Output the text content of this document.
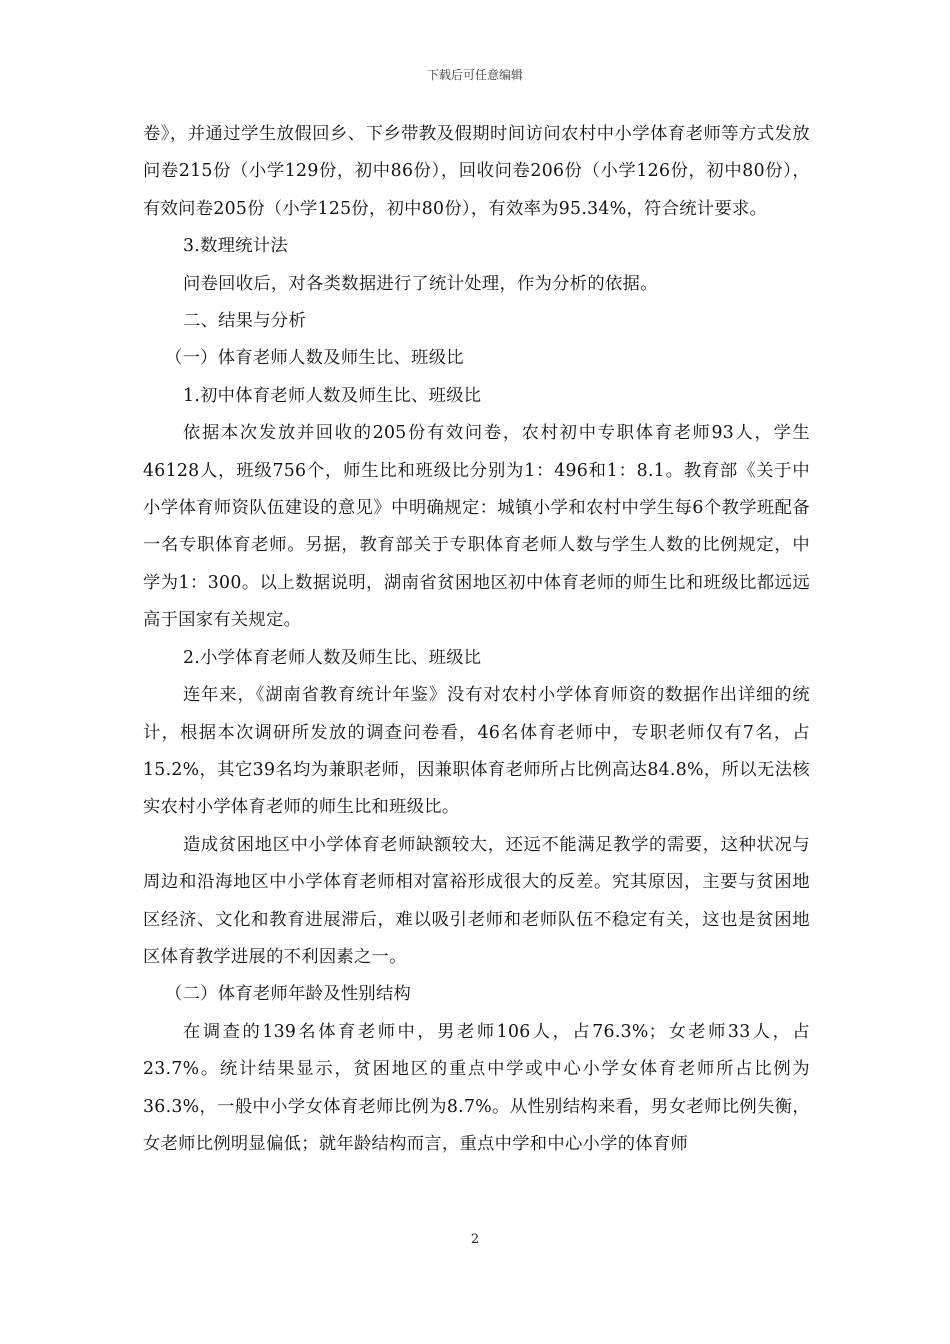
下载后可任意编辑

卷》，并通过学生放假回乡、下乡带教及假期时间访问农村中小学体育老师等方式发放问卷215份（小学129份，初中86份），回收问卷206份（小学126份，初中80份），有效问卷205份（小学125份，初中80份），有效率为95.34%，符合统计要求。

3.数理统计法

问卷回收后，对各类数据进行了统计处理，作为分析的依据。

二、结果与分析

（一）体育老师人数及师生比、班级比

1.初中体育老师人数及师生比、班级比

依据本次发放并回收的205份有效问卷，农村初中专职体育老师93人，学生46128人，班级756个，师生比和班级比分别为1：496和1：8.1。教育部《关于中小学体育师资队伍建设的意见》中明确规定：城镇小学和农村中学生每6个教学班配备一名专职体育老师。另据，教育部关于专职体育老师人数与学生人数的比例规定，中学为1：300。以上数据说明，湖南省贫困地区初中体育老师的师生比和班级比都远远高于国家有关规定。

2.小学体育老师人数及师生比、班级比

连年来，《湖南省教育统计年鉴》没有对农村小学体育师资的数据作出详细的统计，根据本次调研所发放的调查问卷看，46名体育老师中，专职老师仅有7名，占15.2%，其它39名均为兼职老师，因兼职体育老师所占比例高达84.8%，所以无法核实农村小学体育老师的师生比和班级比。

造成贫困地区中小学体育老师缺额较大，还远不能满足教学的需要，这种状况与周边和沿海地区中小学体育老师相对富裕形成很大的反差。究其原因，主要与贫困地区经济、文化和教育进展滞后，难以吸引老师和老师队伍不稳定有关，这也是贫困地区体育教学进展的不利因素之一。

（二）体育老师年龄及性别结构

在调查的139名体育老师中，男老师106人，占76.3%；女老师33人，占23.7%。统计结果显示，贫困地区的重点中学或中心小学女体育老师所占比例为36.3%，一般中小学女体育老师比例为8.7%。从性别结构来看，男女老师比例失衡，女老师比例明显偏低；就年龄结构而言，重点中学和中心小学的体育师

2
